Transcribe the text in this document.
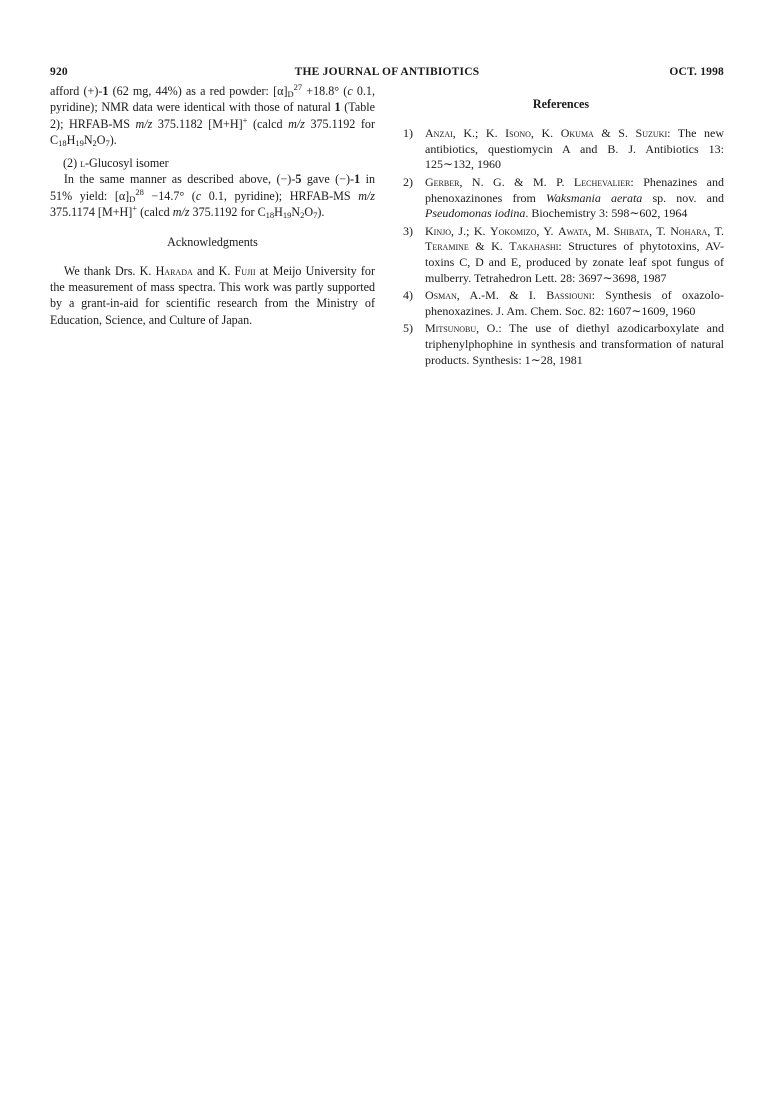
920	THE JOURNAL OF ANTIBIOTICS	OCT. 1998

afford (+)-1 (62 mg, 44%) as a red powder: $[\alpha]_D^{27} +18.8^\circ$ (c 0.1, pyridine); NMR data were identical with those of natural 1 (Table 2); HRFAB-MS m/z 375.1182 [M+H]+ (calcd m/z 375.1192 for $C_{18}H_{19}N_2O_7$).

(2) l-Glucosyl isomer

In the same manner as described above, (−)-5 gave (−)-1 in 51% yield: $[\alpha]_D^{28} -14.7^\circ$ (c 0.1, pyridine); HRFAB-MS m/z 375.1174 [M+H]+ (calcd m/z 375.1192 for $C_{18}H_{19}N_2O_7$).

Acknowledgments

We thank Drs. K. Harada and K. Fujii at Meijo University for the measurement of mass spectra. This work was partly supported by a grant-in-aid for scientific research from the Ministry of Education, Science, and Culture of Japan.

References

1) Anzai, K.; K. Isono, K. Okuma & S. Suzuki: The new antibiotics, questiomycin A and B. J. Antibiotics 13: 125∼132, 1960

2) Gerber, N. G. & M. P. Lechevalier: Phenazines and phenoxazinones from Waksmania aerata sp. nov. and Pseudomonas iodina. Biochemistry 3: 598∼602, 1964

3) Kinjo, J.; K. Yokomizo, Y. Awata, M. Shibata, T. Nohara, T. Teramine & K. Takahashi: Structures of phytotoxins, AV-toxins C, D and E, produced by zonate leaf spot fungus of mulberry. Tetrahedron Lett. 28: 3697∼3698, 1987

4) Osman, A.-M. & I. Bassiouni: Synthesis of oxazolo-phenoxazines. J. Am. Chem. Soc. 82: 1607∼1609, 1960

5) Mitsunobu, O.: The use of diethyl azodicarboxylate and triphenylphophine in synthesis and transformation of natural products. Synthesis: 1∼28, 1981
